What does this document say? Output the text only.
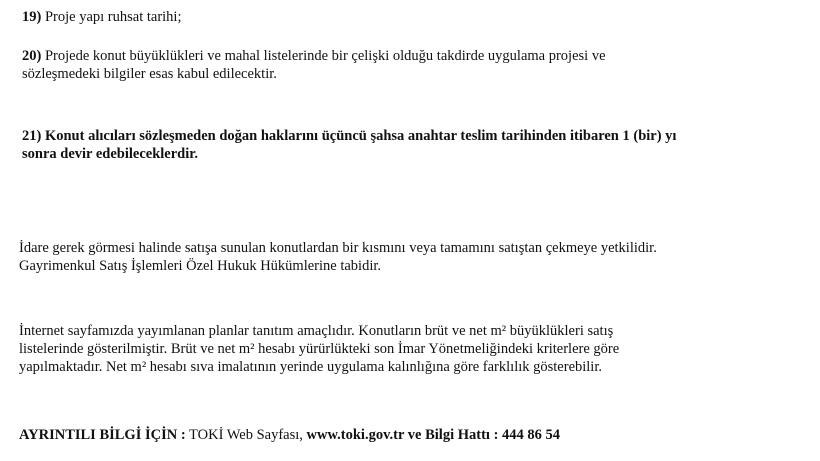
19) Proje yapı ruhsat tarihi;
20) Projede konut büyüklükleri ve mahal listelerinde bir çelişki olduğu takdirde uygulama projesi ve
sözleşmedeki bilgiler esas kabul edilecektir.
21) Konut alıcıları sözleşmeden doğan haklarını üçüncü şahsa anahtar teslim tarihinden itibaren 1 (bir) yı
sonra devir edebileceklerdir.
İdare gerek görmesi halinde satışa sunulan konutlardan bir kısmını veya tamamını satıştan çekmeye yetkilidir.
Gayrimenkul Satış İşlemleri Özel Hukuk Hükümlerine tabidir.
İnternet sayfamızda yayımlanan planlar tanıtım amaçlıdır. Konutların brüt ve net m² büyüklükleri satış
listelerinde gösterilmiştir. Brüt ve net m² hesabı yürürlükteki son İmar Yönetmeliğindeki kriterlere göre
yapılmaktadır. Net m² hesabı sıva imalatının yerinde uygulama kalınlığına göre farklılık gösterebilir.
AYRINTILI BİLGİ İÇİN : TOKİ Web Sayfası, www.toki.gov.tr ve Bilgi Hattı : 444 86 54
